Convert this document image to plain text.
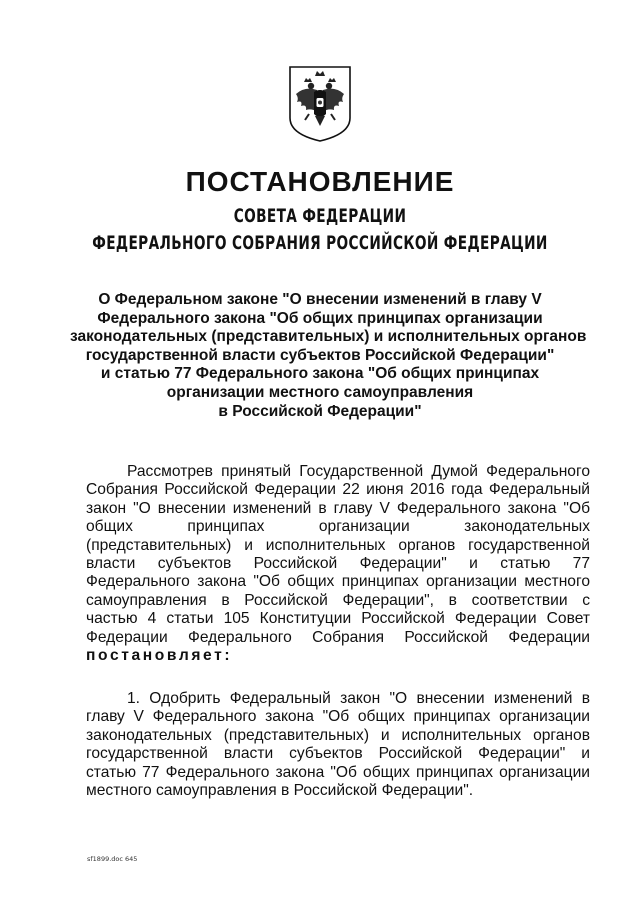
ПОСТАНОВЛЕНИЕ
СОВЕТА ФЕДЕРАЦИИ
ФЕДЕРАЛЬНОГО СОБРАНИЯ РОССИЙСКОЙ ФЕДЕРАЦИИ
О Федеральном законе "О внесении изменений в главу V
Федерального закона "Об общих принципах организации
законодательных (представительных) и исполнительных органов
государственной власти субъектов Российской Федерации"
и статью 77 Федерального закона "Об общих принципах
организации местного самоуправления
в Российской Федерации"
Рассмотрев принятый Государственной Думой Федерального
Собрания Российской Федерации 22 июня 2016 года Федеральный
закон "О внесении изменений в главу V Федерального закона "Об
общих принципах организации законодательных
(представительных) и исполнительных органов государственной
власти субъектов Российской Федерации" и статью 77
Федерального закона "Об общих принципах организации местного
самоуправления в Российской Федерации", в соответствии с
частью 4 статьи 105 Конституции Российской Федерации Совет
Федерации Федерального Собрания Российской Федерации
постановляет:
1. Одобрить Федеральный закон "О внесении изменений в
главу V Федерального закона "Об общих принципах организации
законодательных (представительных) и исполнительных органов
государственной власти субъектов Российской Федерации" и
статью 77 Федерального закона "Об общих принципах организации
местного самоуправления в Российской Федерации".
sf1899.doc 645
